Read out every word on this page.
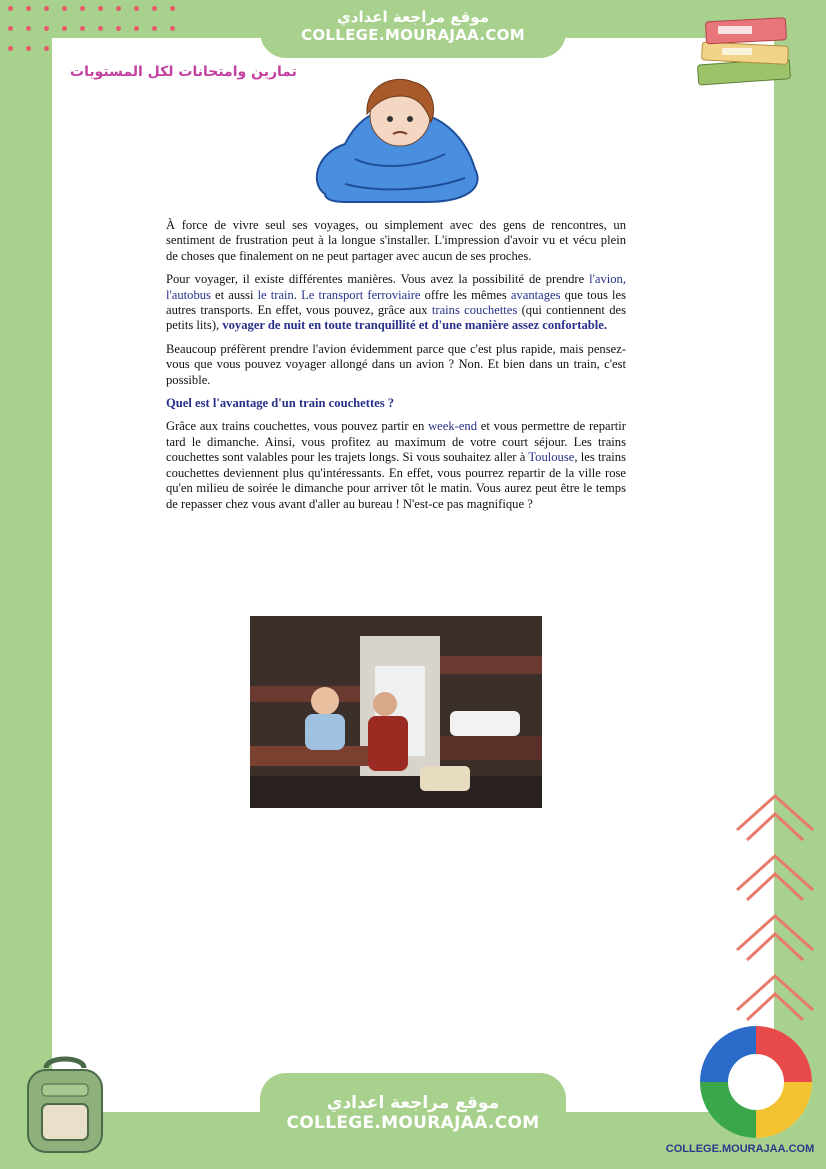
موقع مراجعة اعدادي
COLLEGE.MOURAJAA.COM
تمارين وامتحانات لكل المستويات

À force de vivre seul ses voyages, ou simplement avec des gens de rencontres, un sentiment de frustration peut à la longue s'installer. L'impression d'avoir vu et vécu plein de choses que finalement on ne peut partager avec aucun de ses proches.

Pour voyager, il existe différentes manières. Vous avez la possibilité de prendre l'avion, l'autobus et aussi le train. Le transport ferroviaire offre les mêmes avantages que tous les autres transports. En effet, vous pouvez, grâce aux trains couchettes (qui contiennent des petits lits), voyager de nuit en toute tranquillité et d'une manière assez confortable.

Beaucoup préfèrent prendre l'avion évidemment parce que c'est plus rapide, mais pensez- vous que vous pouvez voyager allongé dans un avion ? Non. Et bien dans un train, c'est possible.

Quel est l'avantage d'un train couchettes ?

Grâce aux trains couchettes, vous pouvez partir en week-end et vous permettre de repartir tard le dimanche. Ainsi, vous profitez au maximum de votre court séjour. Les trains couchettes sont valables pour les trajets longs. Si vous souhaitez aller à Toulouse, les trains couchettes deviennent plus qu'intéressants. En effet, vous pourrez repartir de la ville rose qu'en milieu de soirée le dimanche pour arriver tôt le matin. Vous aurez peut être le temps de repasser chez vous avant d'aller au bureau ! N'est-ce pas magnifique ?

موقع مراجعة اعدادي
COLLEGE.MOURAJAA.COM
COLLEGE.MOURAJAA.COM
